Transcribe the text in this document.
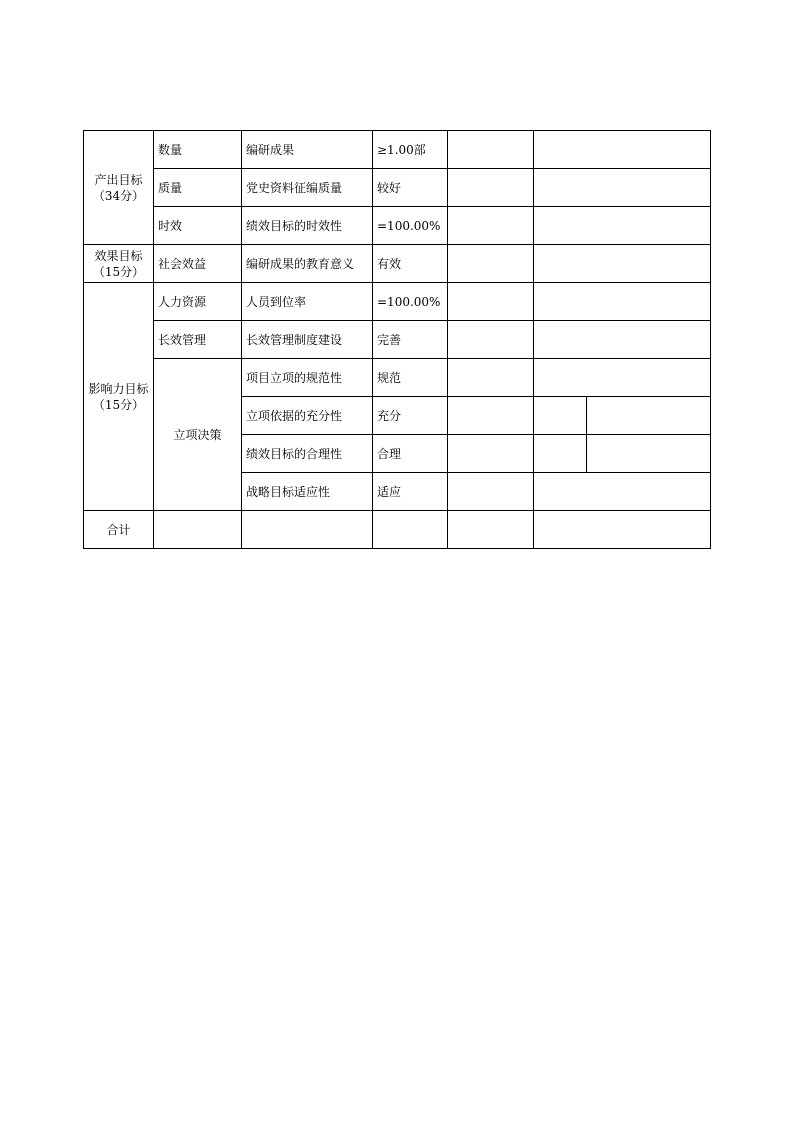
产出目标
（34分）	数量	编研成果	≥1.00部			
	质量	党史资料征编质量	较好			
	时效	绩效目标的时效性	=100.00%			

效果目标
（15分）	社会效益	编研成果的教育意义	有效			

影响力目标
（15分）	人力资源	人员到位率	=100.00%			
	长效管理	长效管理制度建设	完善			
	立项决策	项目立项的规范性	规范			
		立项依据的充分性	充分			
		绩效目标的合理性	合理			
		战略目标适应性	适应			
合计						
